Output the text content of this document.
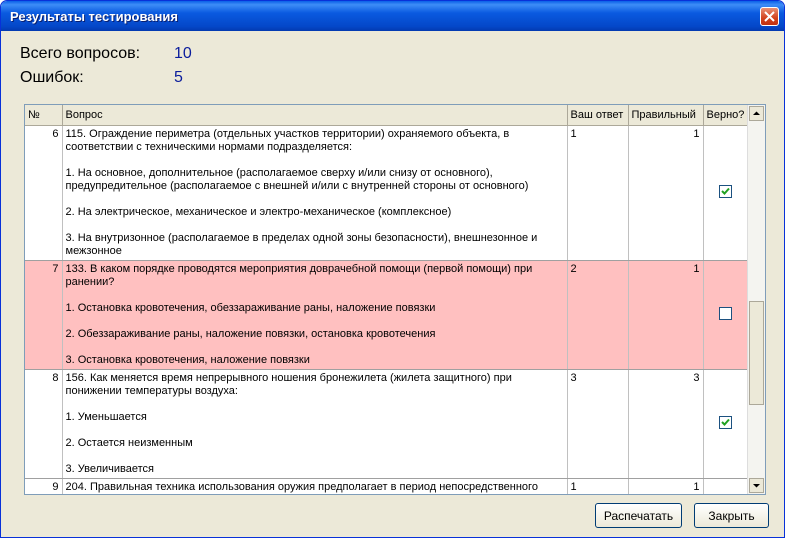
Результаты тестирования
Всего вопросов: 10
Ошибок:	5
№	Вопрос	Ваш ответ	Правильный	Верно?
6	115. Ограждение периметра (отдельных участков территории) охраняемого объекта, в соответствии с техническими нормами подразделяется:

1. На основное, дополнительное (располагаемое сверху и/или снизу от основного), предупредительное (располагаемое с внешней и/или с внутренней стороны от основного)

2. На электрическое, механическое и электро-механическое (комплексное)

3. На внутризонное (располагаемое в пределах одной зоны безопасности), внешнезонное и межзонное	1	1	

7	133. В каком порядке проводятся мероприятия доврачебной помощи (первой помощи) при ранении?

1. Остановка кровотечения, обеззараживание раны, наложение повязки

2. Обеззараживание раны, наложение повязки, остановка кровотечения

3. Остановка кровотечения, наложение повязки	2	1	
8	156. Как меняется время непрерывного ношения бронежилета (жилета защитного) при понижении температуры воздуха:

1. Уменьшается

2. Остается неизменным

3. Увеличивается	3	3	

9	204. Правильная техника использования оружия предполагает в период непосредственного	1	1	
Распечатать	Закрыть
